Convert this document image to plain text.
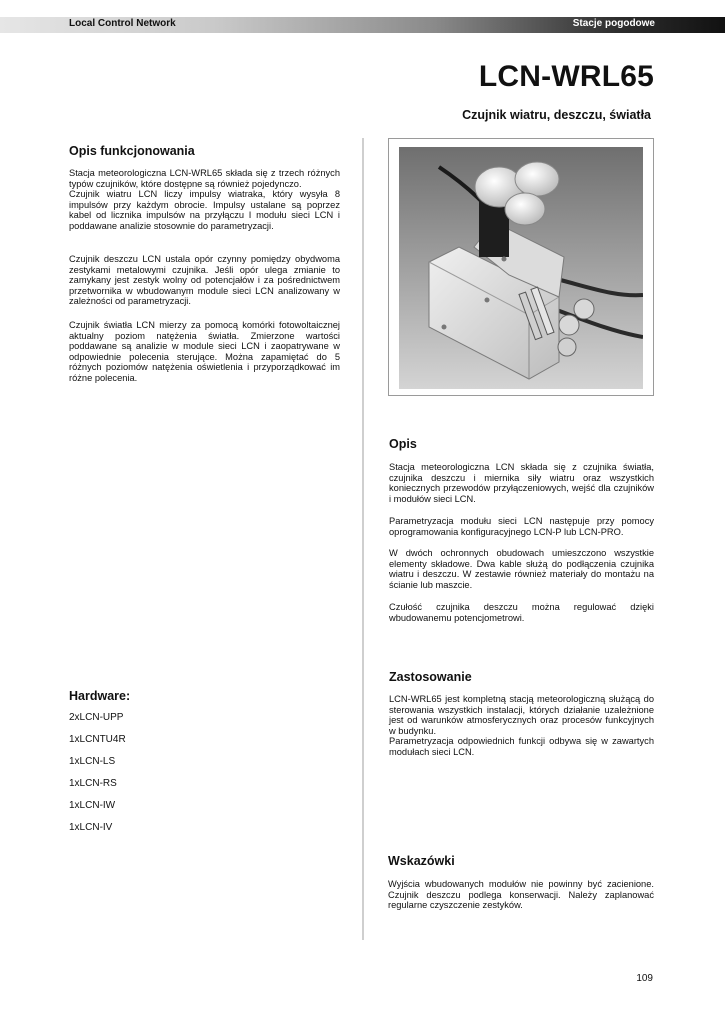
Local Control Network	Stacje pogodowe
LCN-WRL65
Czujnik wiatru, deszczu, światła
Opis funkcjonowania

Stacja meteorologiczna LCN-WRL65 składa się z trzech różnych typów czujników, które dostępne są również pojedynczo.
Czujnik wiatru LCN liczy impulsy wiatraka, który wysyła 8 impulsów przy każdym obrocie. Impulsy ustalane są poprzez kabel od licznika impulsów na przyłączu I modułu sieci LCN i poddawane analizie stosownie do parametryzacji.

Czujnik deszczu LCN ustala opór czynny pomiędzy obydwoma zestykami metalowymi czujnika. Jeśli opór ulega zmianie to zamykany jest zestyk wolny od potencjałów i za pośrednictwem przetwornika w wbudowanym module sieci LCN analizowany w zależności od parametryzacji.

Czujnik światła LCN mierzy za pomocą komórki fotowoltaicznej aktualny poziom natężenia światła. Zmierzone wartości poddawane są analizie w module sieci LCN i zaopatrywane w odpowiednie polecenia sterujące. Można zapamiętać do 5 różnych poziomów natężenia oświetlenia i przyporządkować im różne polecenia.

Hardware:
2xLCN-UPP
1xLCNTU4R
1xLCN-LS
1xLCN-RS
1xLCN-IW
1xLCN-IV
Opis

Stacja meteorologiczna LCN składa się z czujnika światła, czujnika deszczu i miernika siły wiatru oraz wszystkich koniecznych przewodów przyłączeniowych, wejść dla czujników i modułów sieci LCN.

Parametryzacja modułu sieci LCN następuje przy pomocy oprogramowania konfiguracyjnego LCN-P lub LCN-PRO.

W dwóch ochronnych obudowach umieszczono wszystkie elementy składowe. Dwa kable służą do podłączenia czujnika wiatru i deszczu. W zestawie również materiały do montażu na ścianie lub maszcie.

Czułość czujnika deszczu można regulować dzięki wbudowanemu potencjometrowi.

Zastosowanie

LCN-WRL65 jest kompletną stacją meteorologiczną służącą do sterowania wszystkich instalacji, których działanie uzależnione jest od warunków atmosferycznych oraz procesów funkcyjnych w budynku.
Parametryzacja odpowiednich funkcji odbywa się w zawartych modułach sieci LCN.

Wskazówki

Wyjścia wbudowanych modułów nie powinny być zacienione. Czujnik deszczu podlega konserwacji. Należy zaplanować regularne czyszczenie zestyków.

109
